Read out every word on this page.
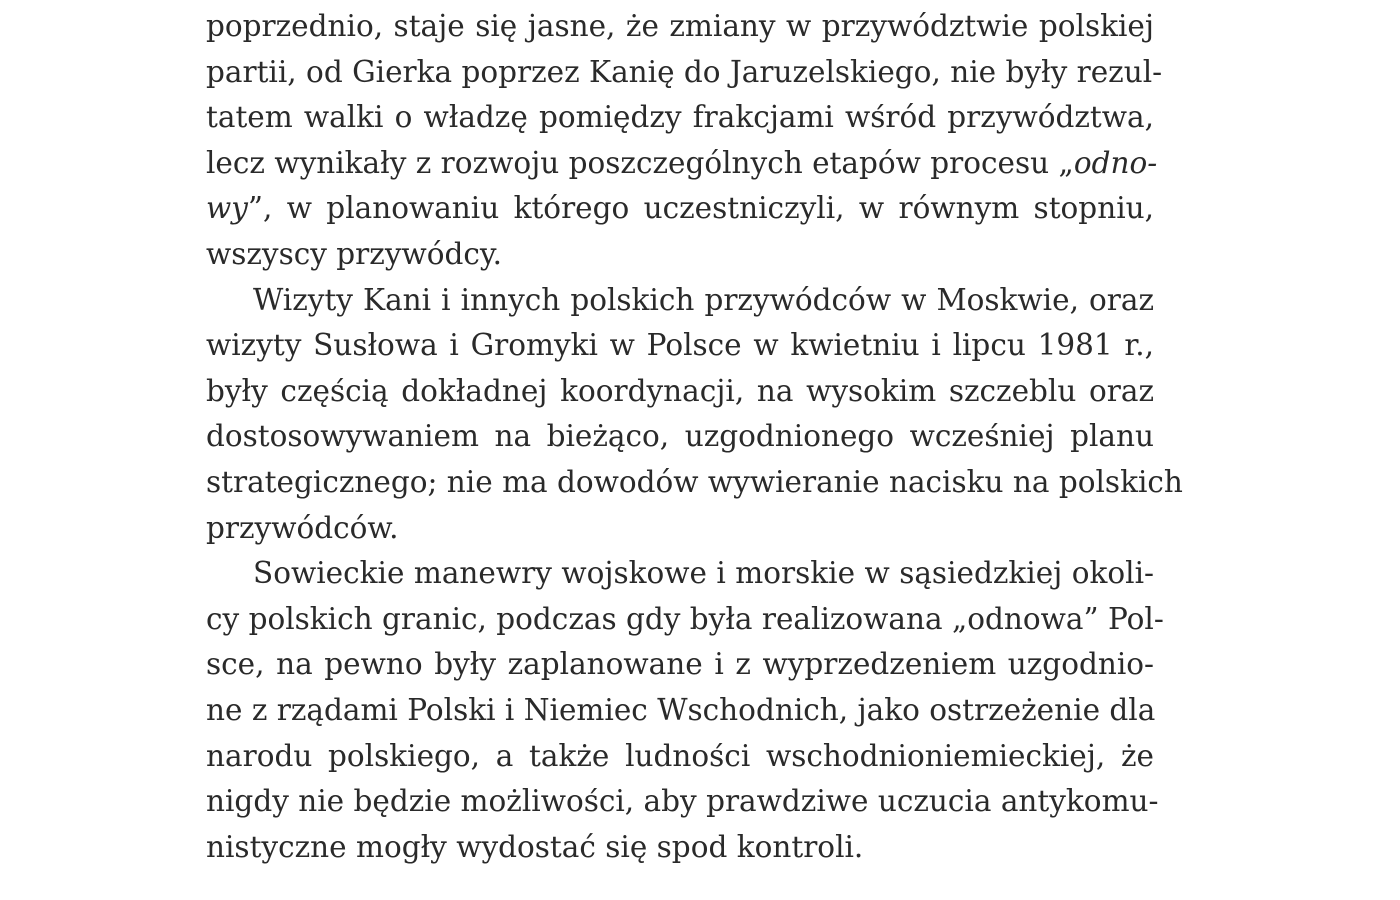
poprzednio, staje się jasne, że zmiany w przywództwie polskiej
partii, od Gierka poprzez Kanię do Jaruzelskiego, nie były rezul-
tatem walki o władzę pomiędzy frakcjami wśród przywództwa,
lecz wynikały z rozwoju poszczególnych etapów procesu „odno-
wy”, w planowaniu którego uczestniczyli, w równym stopniu,
wszyscy przywódcy.
Wizyty Kani i innych polskich przywódców w Moskwie, oraz
wizyty Susłowa i Gromyki w Polsce w kwietniu i lipcu 1981 r.,
były częścią dokładnej koordynacji, na wysokim szczeblu oraz
dostosowywaniem na bieżąco, uzgodnionego wcześniej planu
strategicznego; nie ma dowodów wywieranie nacisku na polskich
przywódców.
Sowieckie manewry wojskowe i morskie w sąsiedzkiej okoli-
cy polskich granic, podczas gdy była realizowana „odnowa” Pol-
sce, na pewno były zaplanowane i z wyprzedzeniem uzgodnio-
ne z rządami Polski i Niemiec Wschodnich, jako ostrzeżenie dla
narodu polskiego, a także ludności wschodnioniemieckiej, że
nigdy nie będzie możliwości, aby prawdziwe uczucia antykomu-
nistyczne mogły wydostać się spod kontroli.
